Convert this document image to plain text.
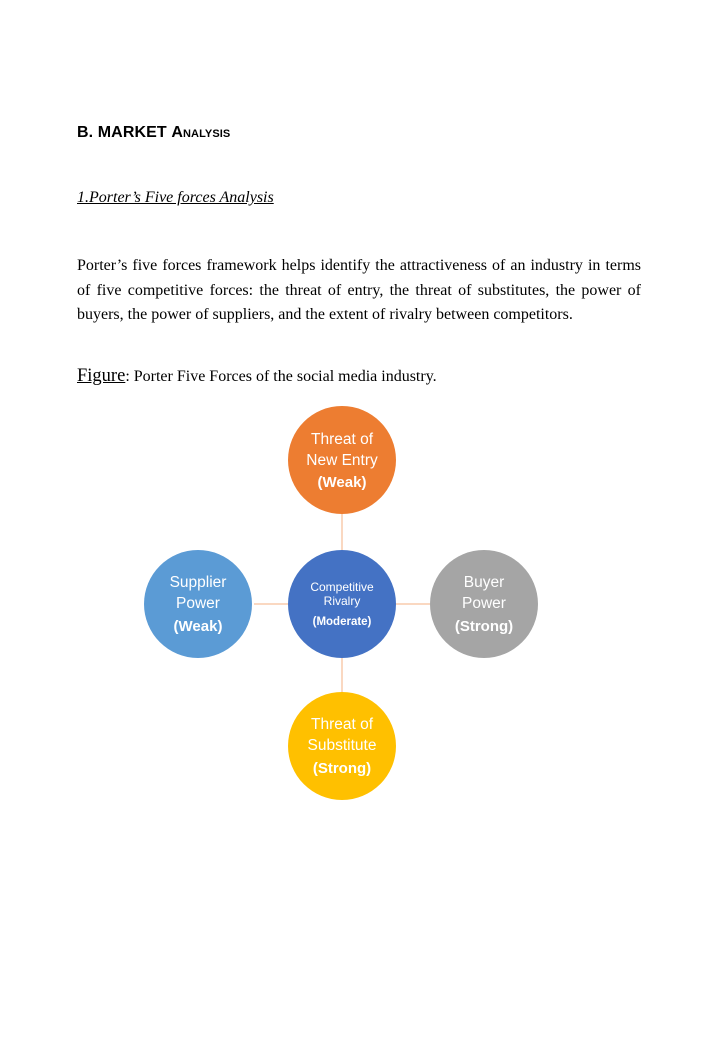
B. MARKET Analysis
1.Porter’s Five forces Analysis
Porter’s five forces framework helps identify the attractiveness of an industry in terms of five competitive forces: the threat of entry, the threat of substitutes, the power of buyers, the power of suppliers, and the extent of rivalry between competitors.
Figure: Porter Five Forces of the social media industry.
Threat of
New Entry
(Weak)
Supplier
Power
(Weak)
Competitive
Rivalry
(Moderate)
Buyer
Power
(Strong)
Threat of
Substitute
(Strong)
